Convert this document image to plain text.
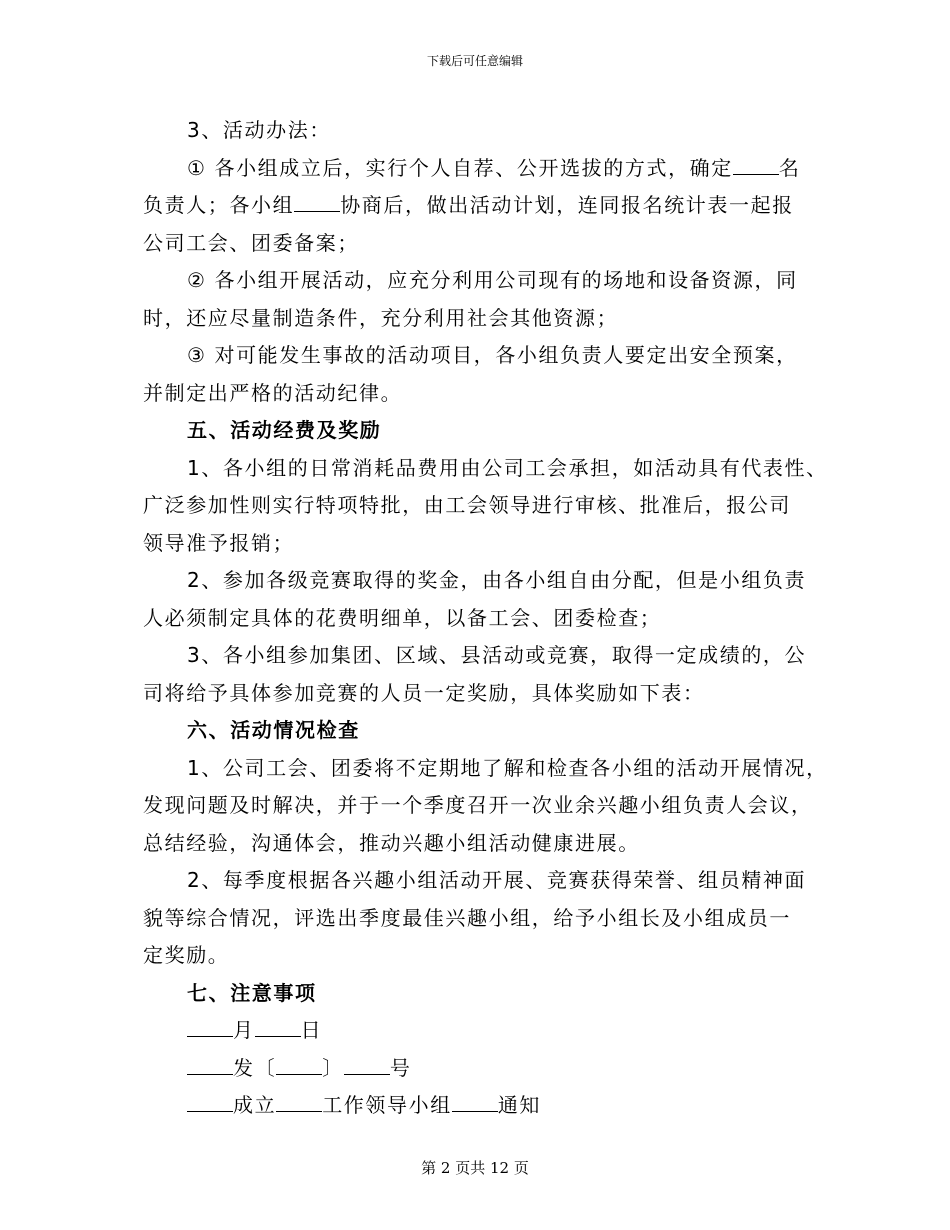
下载后可任意编辑
3、活动办法：
① 各小组成立后，实行个人自荐、公开选拔的方式，确定 名
负责人；各小组 协商后，做出活动计划，连同报名统计表一起报
公司工会、团委备案；
② 各小组开展活动，应充分利用公司现有的场地和设备资源，同
时，还应尽量制造条件，充分利用社会其他资源；
③ 对可能发生事故的活动项目，各小组负责人要定出安全预案，
并制定出严格的活动纪律。
五、活动经费及奖励
1、各小组的日常消耗品费用由公司工会承担，如活动具有代表性、
广泛参加性则实行特项特批，由工会领导进行审核、批准后，报公司
领导准予报销；
2、参加各级竞赛取得的奖金，由各小组自由分配，但是小组负责
人必须制定具体的花费明细单，以备工会、团委检查；
3、各小组参加集团、区域、县活动或竞赛，取得一定成绩的，公
司将给予具体参加竞赛的人员一定奖励，具体奖励如下表：
六、活动情况检查
1、公司工会、团委将不定期地了解和检查各小组的活动开展情况，
发现问题及时解决，并于一个季度召开一次业余兴趣小组负责人会议，
总结经验，沟通体会，推动兴趣小组活动健康进展。
2、每季度根据各兴趣小组活动开展、竞赛获得荣誉、组员精神面
貌等综合情况，评选出季度最佳兴趣小组，给予小组长及小组成员一
定奖励。
七、注意事项
月 日
发〔 〕 号
成立 工作领导小组 通知
第 2 页共 12 页
